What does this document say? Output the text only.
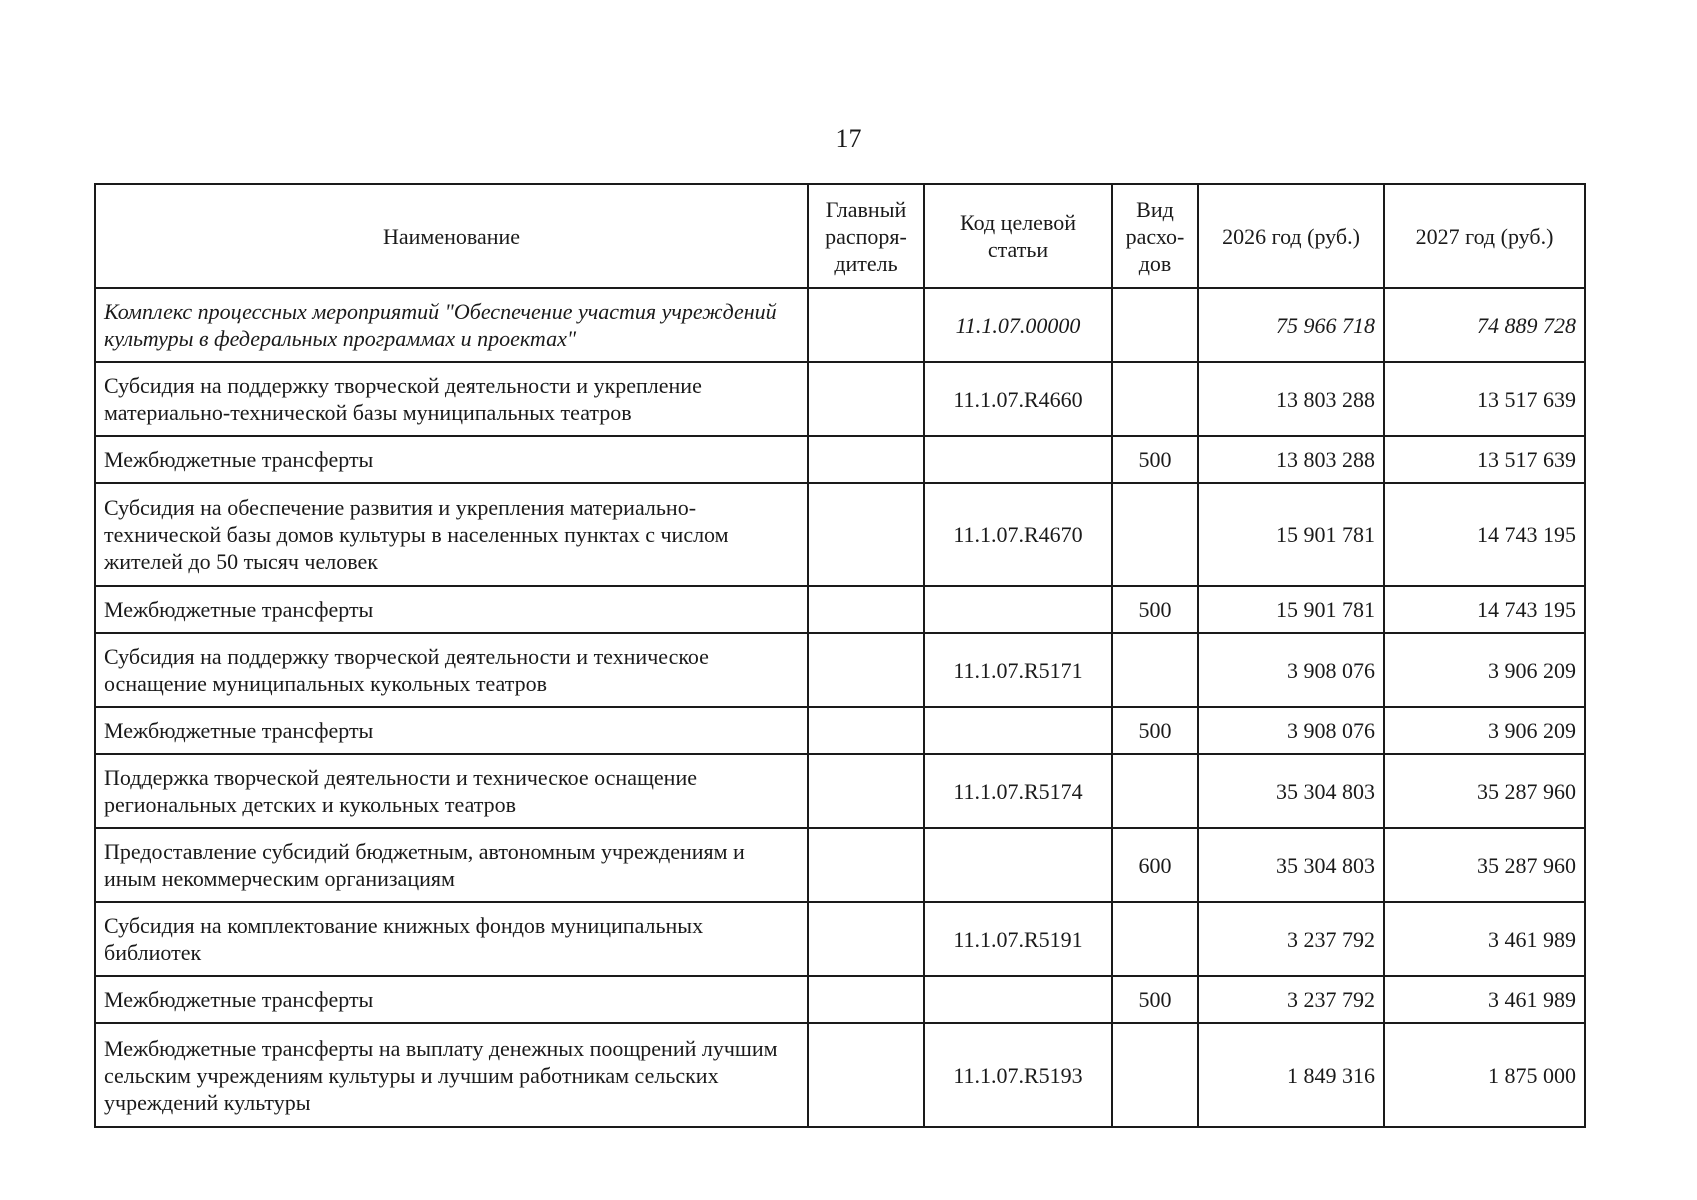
17
Наименование	Главный распоря-дитель	Код целевой статьи	Вид расхо-дов	2026 год (руб.)	2027 год (руб.)
Комплекс процессных мероприятий "Обеспечение участия учреждений культуры в федеральных программах и проектах"		11.1.07.00000		75 966 718	74 889 728
Субсидия на поддержку творческой деятельности и укрепление материально-технической базы муниципальных театров		11.1.07.R4660		13 803 288	13 517 639
Межбюджетные трансферты			500	13 803 288	13 517 639
Субсидия на обеспечение развития и укрепления материально-технической базы домов культуры в населенных пунктах с числом жителей до 50 тысяч человек		11.1.07.R4670		15 901 781	14 743 195
Межбюджетные трансферты			500	15 901 781	14 743 195
Субсидия на поддержку творческой деятельности и техническое оснащение муниципальных кукольных театров		11.1.07.R5171		3 908 076	3 906 209
Межбюджетные трансферты			500	3 908 076	3 906 209
Поддержка творческой деятельности и техническое оснащение региональных детских и кукольных театров		11.1.07.R5174		35 304 803	35 287 960
Предоставление субсидий бюджетным, автономным учреждениям и иным некоммерческим организациям			600	35 304 803	35 287 960
Субсидия на комплектование книжных фондов муниципальных библиотек		11.1.07.R5191		3 237 792	3 461 989
Межбюджетные трансферты			500	3 237 792	3 461 989
Межбюджетные трансферты на выплату денежных поощрений лучшим сельским учреждениям культуры и лучшим работникам сельских учреждений культуры		11.1.07.R5193		1 849 316	1 875 000
